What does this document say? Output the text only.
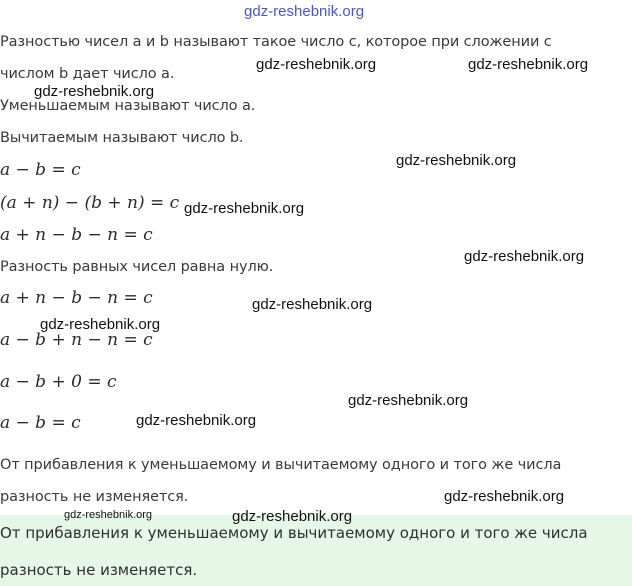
gdz-reshebnik.org
Разностью чисел a и b называют такое число c, которое при сложении с
числом b дает число a.
Уменьшаемым называют число a.
Вычитаемым называют число b.
a − b = c
(a + n) − (b + n) = c
a + n − b − n = c
Разность равных чисел равна нулю.
a + n − b − n = c
a − b + n − n = c
a − b + 0 = c
a − b = c
От прибавления к уменьшаемому и вычитаемому одного и того же числа
разность не изменяется.
От прибавления к уменьшаемому и вычитаемому одного и того же числа
разность не изменяется.
gdz-reshebnik.org	gdz-reshebnik.org
gdz-reshebnik.org
gdz-reshebnik.org
gdz-reshebnik.org
gdz-reshebnik.org
gdz-reshebnik.org
gdz-reshebnik.org
gdz-reshebnik.org
gdz-reshebnik.org
gdz-reshebnik.org
gdz-reshebnik.org	gdz-reshebnik.org
